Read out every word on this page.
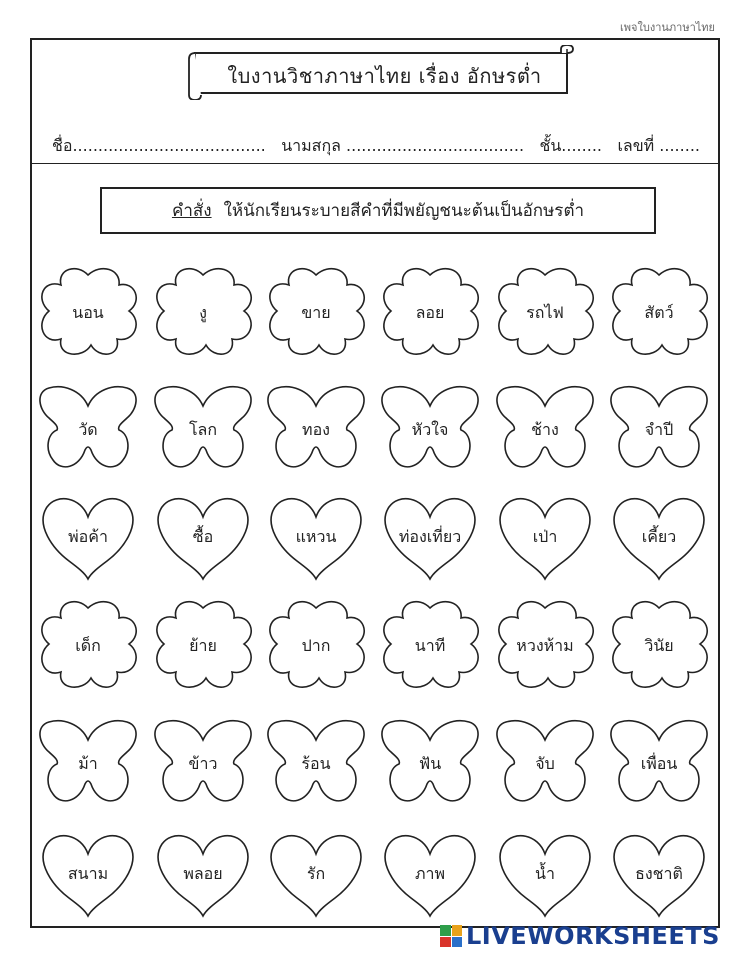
เพจใบงานภาษาไทย
ใบงานวิชาภาษาไทย เรื่อง อักษรต่ำ
ชื่อ...................................... นามสกุล ................................... ชั้น........ เลขที่ ........
คำสั่ง ให้นักเรียนระบายสีคำที่มีพยัญชนะต้นเป็นอักษรต่ำ
นอน	งู	ขาย	ลอย	รถไฟ	สัตว์
วัด	โลก	ทอง	หัวใจ	ช้าง	จำปี
พ่อค้า	ซื้อ	แหวน	ท่องเที่ยว	เป่า	เคี้ยว
เด็ก	ย้าย	ปาก	นาที	หวงห้าม	วินัย
ม้า	ข้าว	ร้อน	ฟัน	จับ	เพื่อน
สนาม	พลอย	รัก	ภาพ	น้ำ	ธงชาติ
LIVEWORKSHEETS
